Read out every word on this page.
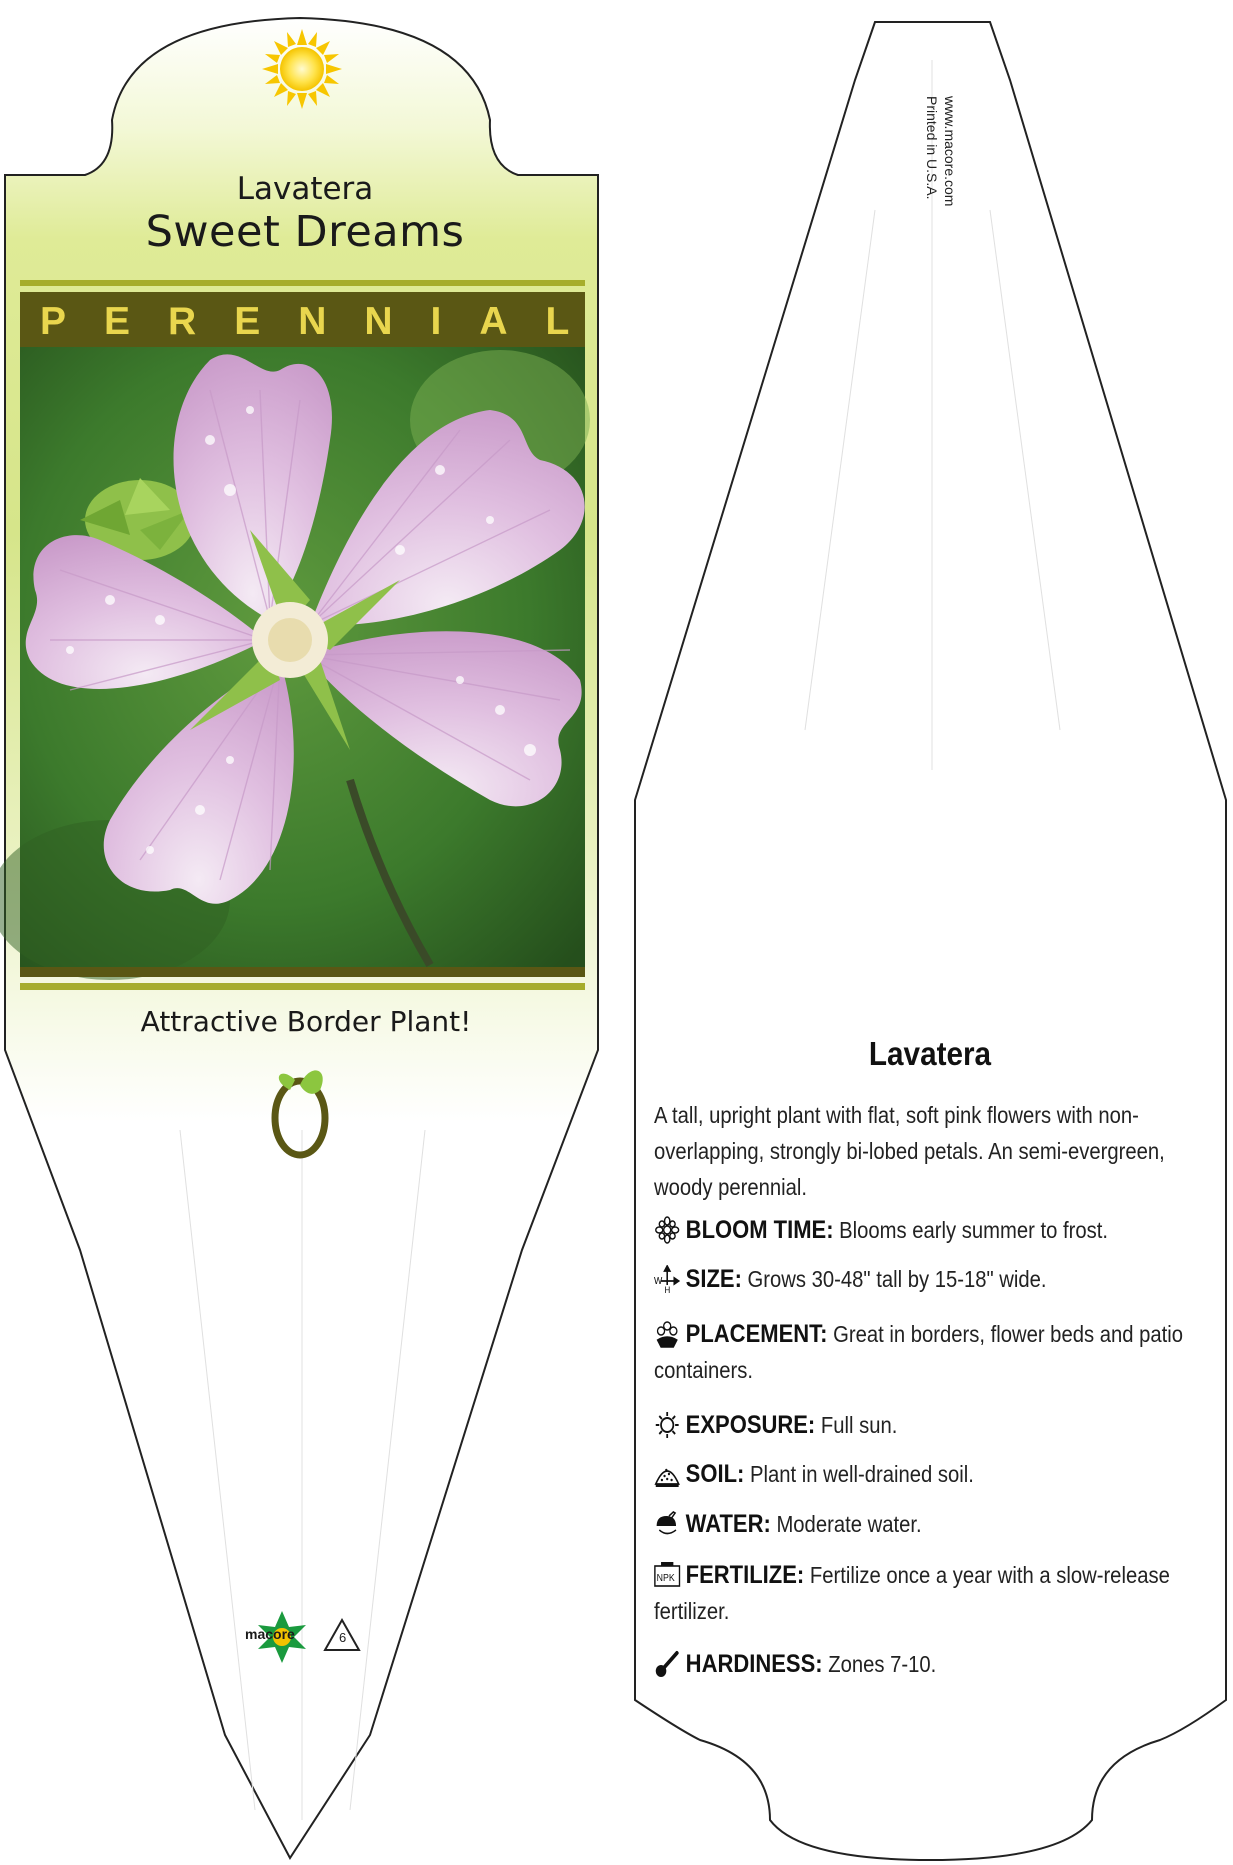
Lavatera
Sweet Dreams
PERENNIAL
Attractive Border Plant!
macore	6
Printed in U.S.A. www.macore.com
Lavatera
A tall, upright plant with flat, soft pink flowers with non-overlapping, strongly bi-lobed petals. An semi-evergreen, woody perennial.
BLOOM TIME: Blooms early summer to frost.
W
H SIZE: Grows 30-48" tall by 15-18" wide.
PLACEMENT: Great in borders, flower beds and patio containers.
EXPOSURE: Full sun.
SOIL: Plant in well-drained soil.
WATER: Moderate water.
NPK FERTILIZE: Fertilize once a year with a slow-release fertilizer.
HARDINESS: Zones 7-10.
